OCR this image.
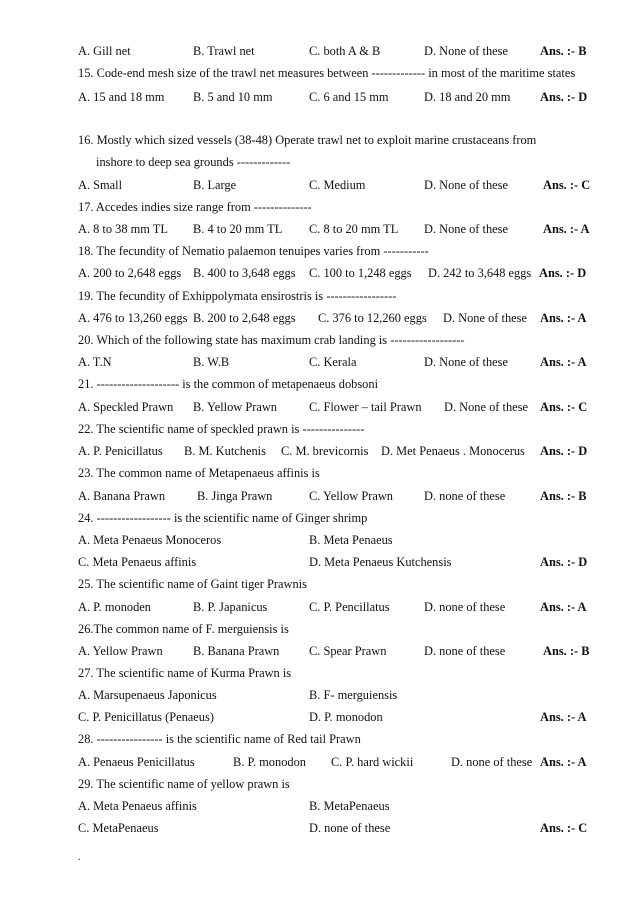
A. Gill net	B. Trawl net	C. both A & B	D. None of these	Ans. :- B
15. Code-end mesh size of the trawl net measures between ------------- in most of the maritime states
A. 15 and 18 mm B. 5 and 10 mm	C. 6 and 15 mm	D. 18 and 20 mm Ans. :- D
16. Mostly which sized vessels (38-48) Operate trawl net to exploit marine crustaceans from
inshore to deep sea grounds -------------
A. Small	B. Large	C. Medium	D. None of these	Ans. :- C
17. Accedes indies size range from --------------
A. 8 to 38 mm TL B. 4 to 20 mm TL C. 8 to 20 mm TL D. None of these	Ans. :- A
18. The fecundity of Nematio palaemon tenuipes varies from -----------
A. 200 to 2,648 eggs B. 400 to 3,648 eggs C. 100 to 1,248 eggs D. 242 to 3,648 eggs Ans. :- D
19. The fecundity of Exhippolymata ensirostris is -----------------
A. 476 to 13,260 eggs B. 200 to 2,648 eggs C. 376 to 12,260 eggs D. None of these Ans. :- A
20. Which of the following state has maximum crab landing is ------------------
A. T.N	B. W.B	C. Kerala	D. None of these	Ans. :- A
21. -------------------- is the common of metapenaeus dobsoni
A. Speckled Prawn B. Yellow Prawn	C. Flower – tail Prawn D. None of these Ans. :- C
22. The scientific name of speckled prawn is ---------------
A. P. Penicillatus B. M. Kutchenis C. M. brevicornis D. Met Penaeus . Monocerus Ans. :- D
23. The common name of Metapenaeus affinis is
A. Banana Prawn	B. Jinga Prawn	C. Yellow Prawn	D. none of these	Ans. :- B
24. ------------------ is the scientific name of Ginger shrimp
A. Meta Penaeus Monoceros	B. Meta Penaeus
C. Meta Penaeus affinis	D. Meta Penaeus Kutchensis	Ans. :- D
25. The scientific name of Gaint tiger Prawnis
A. P. monoden	B. P. Japanicus	C. P. Pencillatus	D. none of these	Ans. :- A
26.The common name of F. merguiensis is
A. Yellow Prawn B. Banana Prawn C. Spear Prawn	D. none of these	Ans. :- B
27. The scientific name of Kurma Prawn is
A. Marsupenaeus Japonicus	B. F- merguiensis
C. P. Penicillatus (Penaeus)	D. P. monodon	Ans. :- A
28. ---------------- is the scientific name of Red tail Prawn
A. Penaeus Penicillatus	B. P. monodon C. P. hard wickii	D. none of these Ans. :- A
29. The scientific name of yellow prawn is
A. Meta Penaeus affinis	B. MetaPenaeus
C. MetaPenaeus	D. none of these	Ans. :- C
.
